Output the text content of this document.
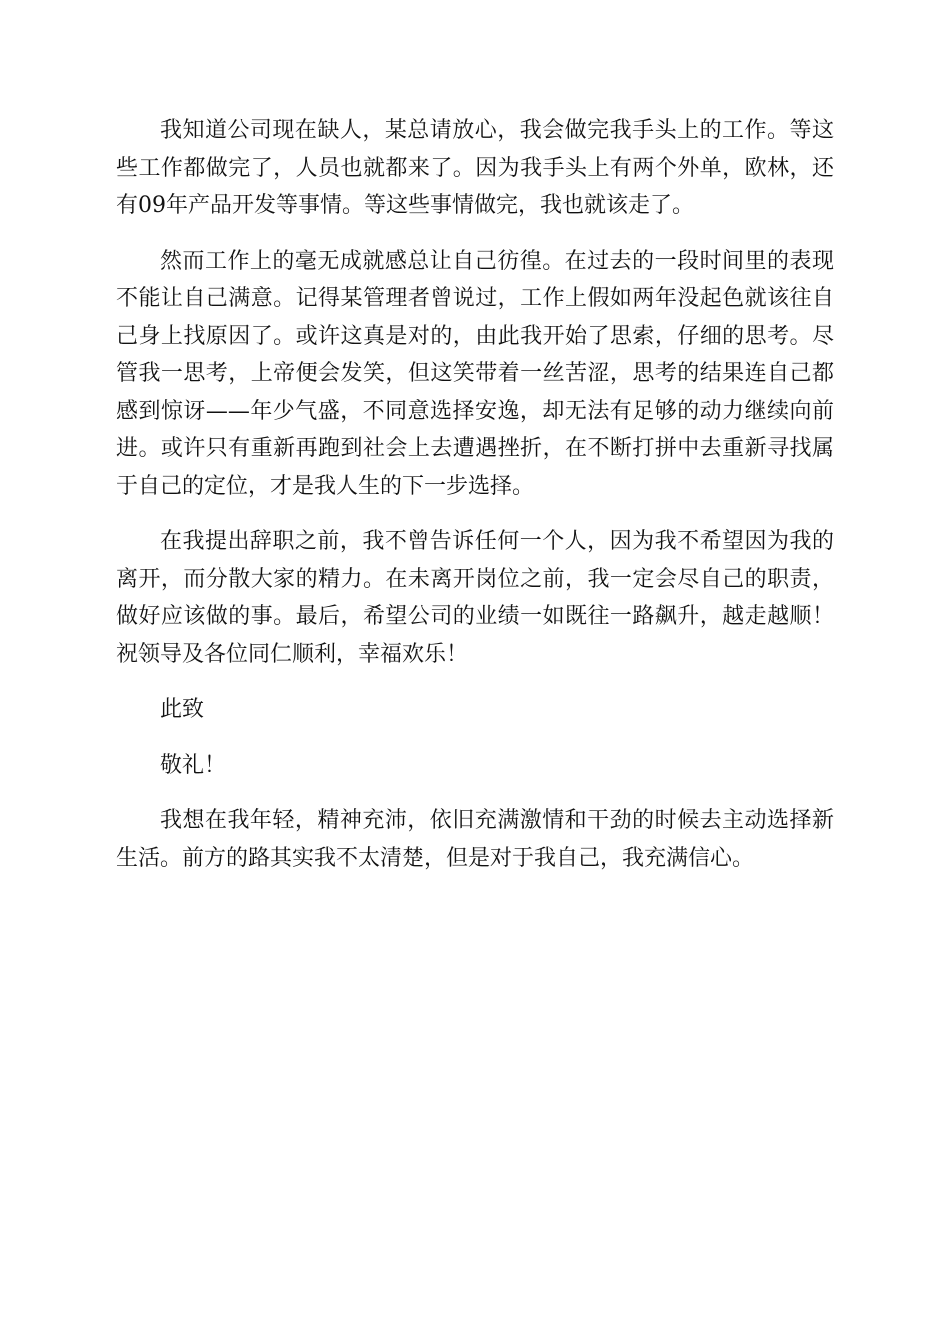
我知道公司现在缺人，某总请放心，我会做完我手头上的工作。等这些工作都做完了，人员也就都来了。因为我手头上有两个外单，欧林，还有09年产品开发等事情。等这些事情做完，我也就该走了。

然而工作上的毫无成就感总让自己彷徨。在过去的一段时间里的表现不能让自己满意。记得某管理者曾说过，工作上假如两年没起色就该往自己身上找原因了。或许这真是对的，由此我开始了思索，仔细的思考。尽管我一思考，上帝便会发笑，但这笑带着一丝苦涩，思考的结果连自己都感到惊讶——年少气盛，不同意选择安逸，却无法有足够的动力继续向前进。或许只有重新再跑到社会上去遭遇挫折，在不断打拼中去重新寻找属于自己的定位，才是我人生的下一步选择。

在我提出辞职之前，我不曾告诉任何一个人，因为我不希望因为我的离开，而分散大家的精力。在未离开岗位之前，我一定会尽自己的职责，做好应该做的事。最后，希望公司的业绩一如既往一路飙升，越走越顺！祝领导及各位同仁顺利，幸福欢乐！

此致

敬礼！

我想在我年轻，精神充沛，依旧充满激情和干劲的时候去主动选择新生活。前方的路其实我不太清楚，但是对于我自己，我充满信心。
